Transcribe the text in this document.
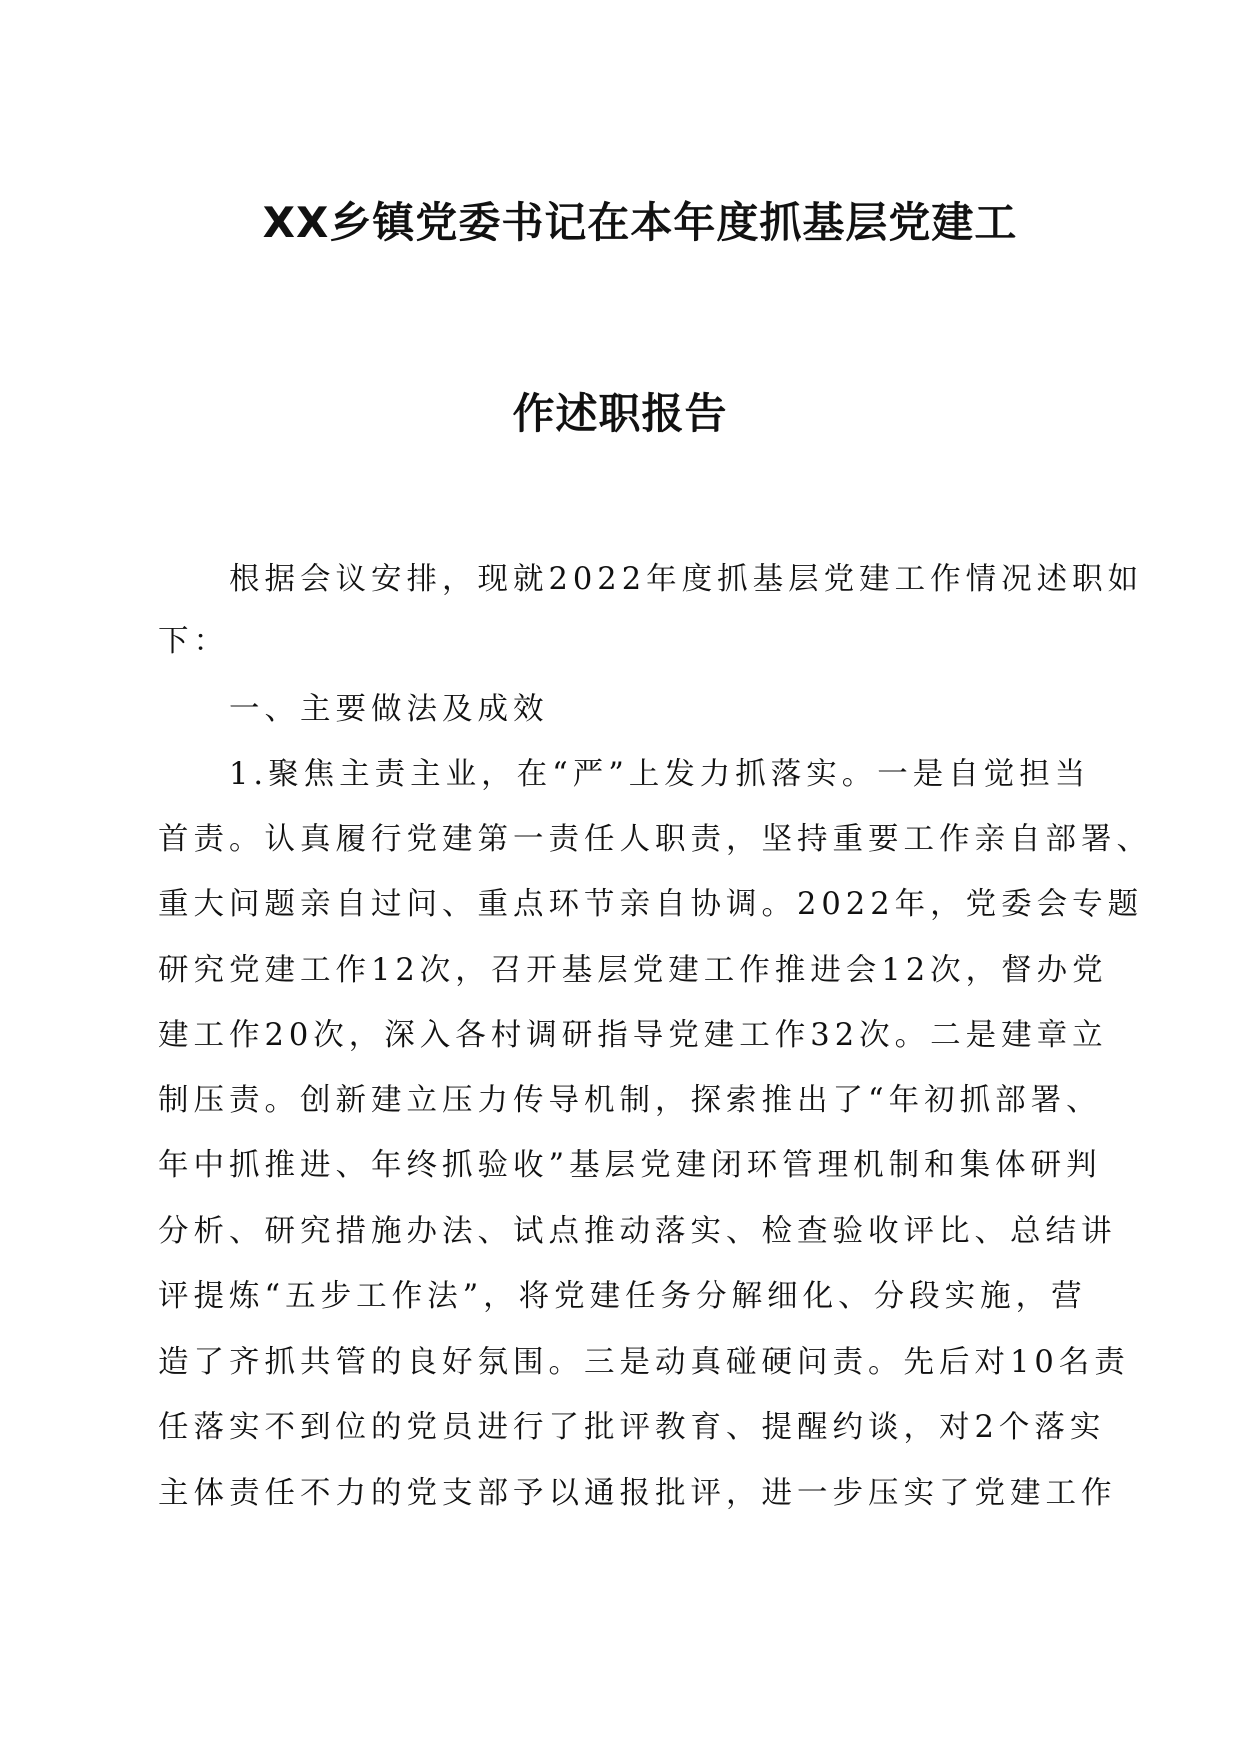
XX乡镇党委书记在本年度抓基层党建工
作述职报告
　　根据会议安排，现就2022年度抓基层党建工作情况述职如
下：
　　一、主要做法及成效
　　1.聚焦主责主业，在“严”上发力抓落实。一是自觉担当
首责。认真履行党建第一责任人职责，坚持重要工作亲自部署、
重大问题亲自过问、重点环节亲自协调。2022年，党委会专题
研究党建工作12次，召开基层党建工作推进会12次，督办党
建工作20次，深入各村调研指导党建工作32次。二是建章立
制压责。创新建立压力传导机制，探索推出了“年初抓部署、
年中抓推进、年终抓验收”基层党建闭环管理机制和集体研判
分析、研究措施办法、试点推动落实、检查验收评比、总结讲
评提炼“五步工作法”，将党建任务分解细化、分段实施，营
造了齐抓共管的良好氛围。三是动真碰硬问责。先后对10名责
任落实不到位的党员进行了批评教育、提醒约谈，对2个落实
主体责任不力的党支部予以通报批评，进一步压实了党建工作
